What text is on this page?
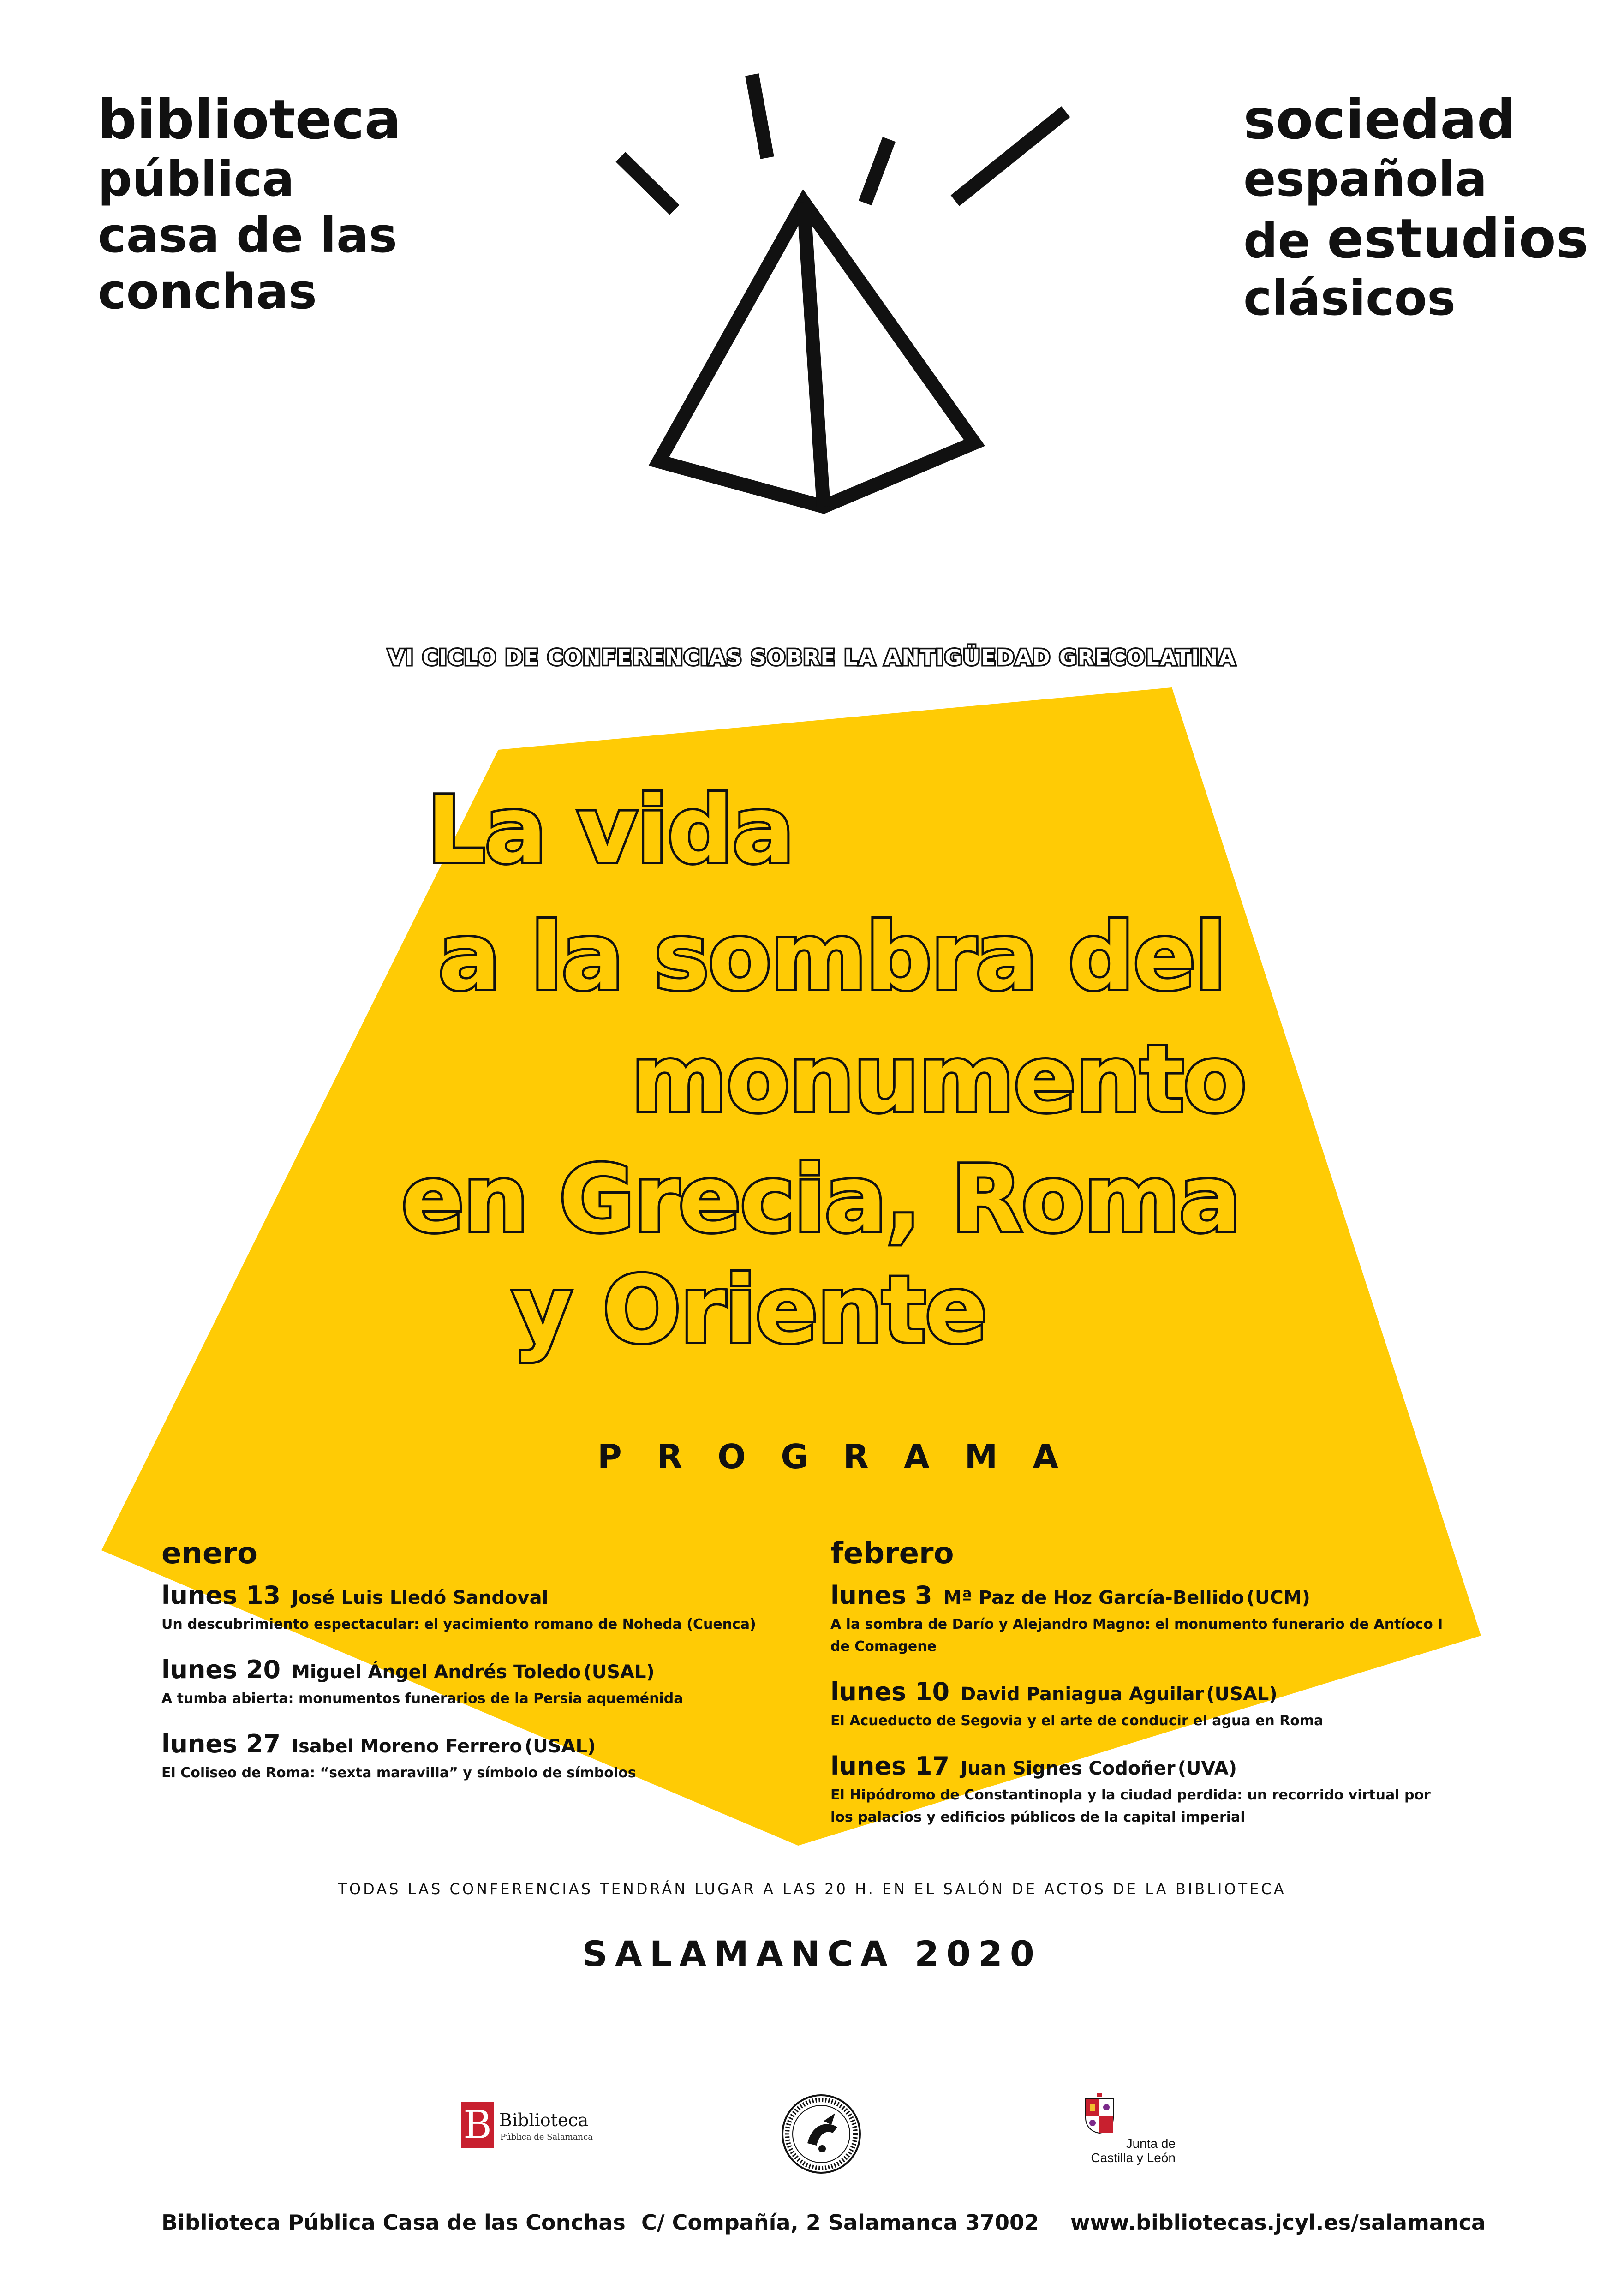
biblioteca
pública
casa de las
conchas
sociedad
española
de estudios
clásicos
VI CICLO DE CONFERENCIAS SOBRE LA ANTIGÜEDAD GRECOLATINA
La vida
a la sombra del
monumento
en Grecia, Roma
y Oriente
PROGRAMA
enero
lunes 13 José Luis Lledó Sandoval
Un descubrimiento espectacular: el yacimiento romano de Noheda (Cuenca)
lunes 20 Miguel Ángel Andrés Toledo (USAL)
A tumba abierta: monumentos funerarios de la Persia aqueménida
lunes 27 Isabel Moreno Ferrero (USAL)
El Coliseo de Roma: “sexta maravilla” y símbolo de símbolos
febrero
lunes 3 Mª Paz de Hoz García-Bellido (UCM)
A la sombra de Darío y Alejandro Magno: el monumento funerario de Antíoco I de Comagene
lunes 10 David Paniagua Aguilar (USAL)
El Acueducto de Segovia y el arte de conducir el agua en Roma
lunes 17 Juan Signes Codoñer (UVA)
El Hipódromo de Constantinopla y la ciudad perdida: un recorrido virtual por los palacios y edificios públicos de la capital imperial
TODAS LAS CONFERENCIAS TENDRÁN LUGAR A LAS 20 H. EN EL SALÓN DE ACTOS DE LA BIBLIOTECA
SALAMANCA 2020
B Biblioteca
Pública de Salamanca	Junta de
Castilla y León
Biblioteca Pública Casa de las Conchas C/ Compañía, 2 Salamanca 37002 www.bibliotecas.jcyl.es/salamanca
